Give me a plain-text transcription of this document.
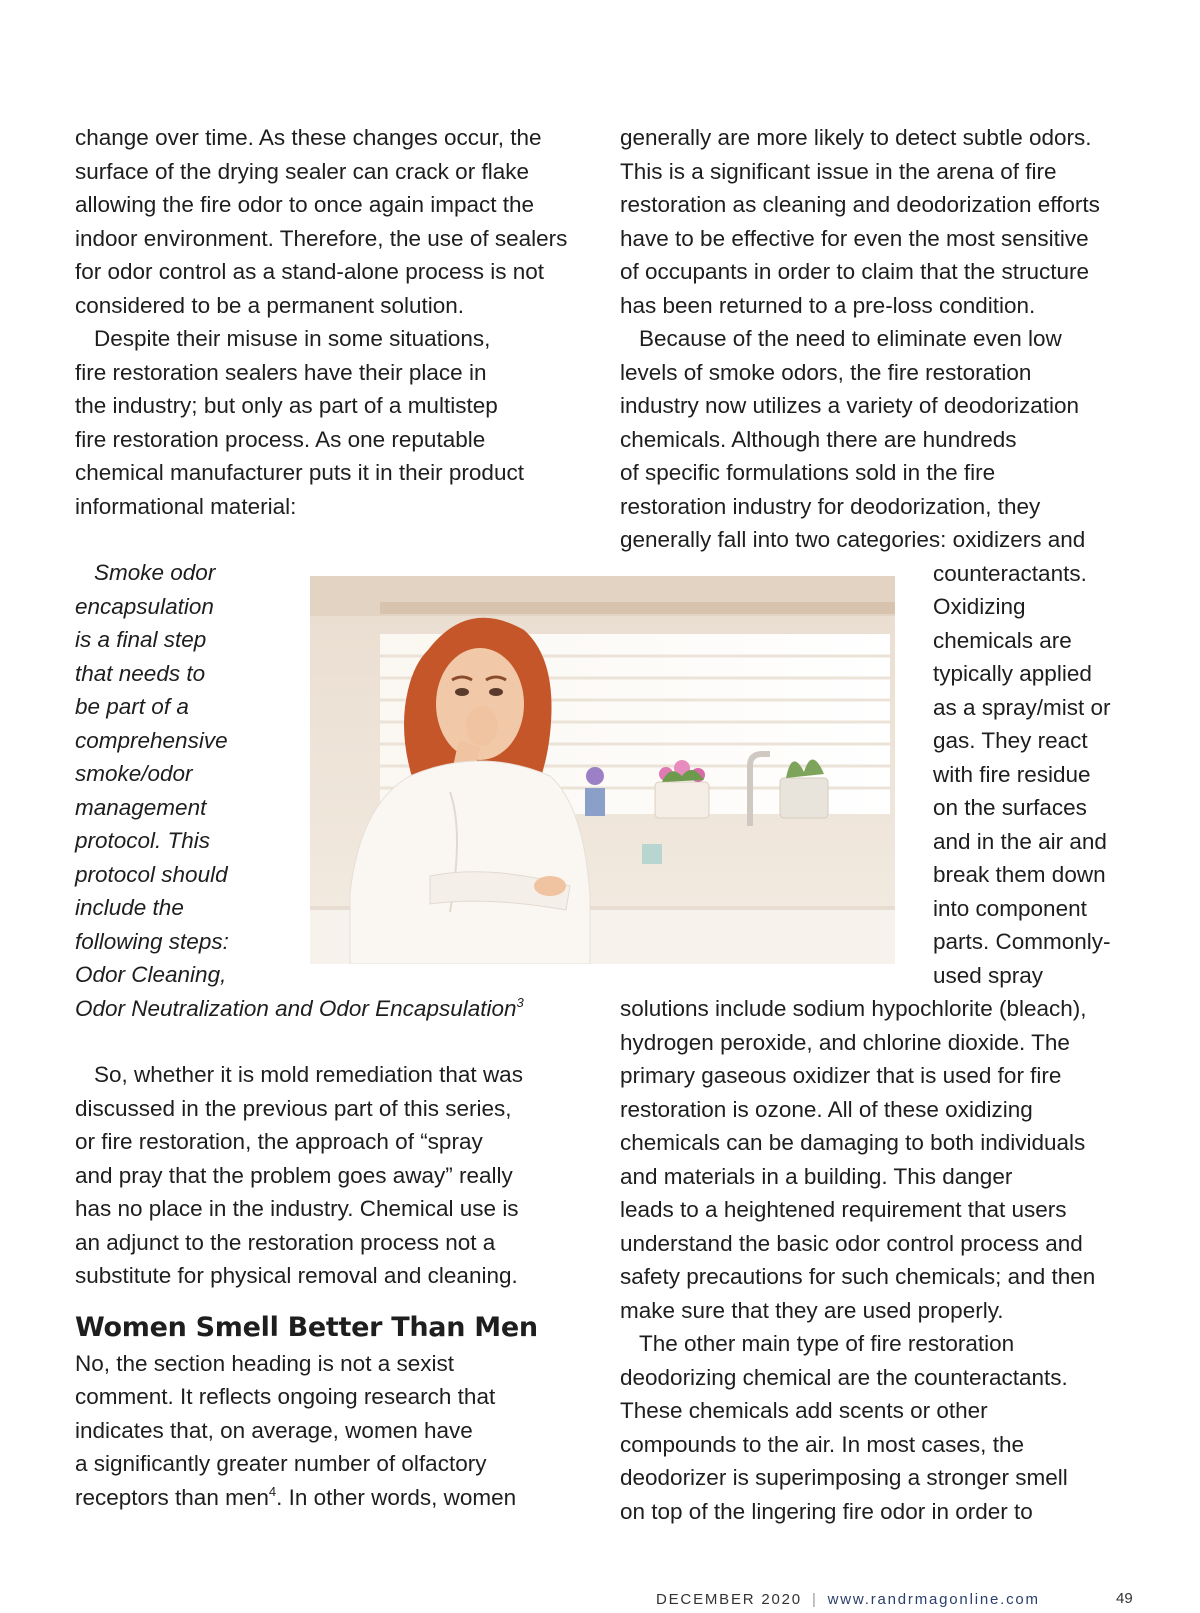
change over time. As these changes occur, the
surface of the drying sealer can crack or flake
allowing the fire odor to once again impact the
indoor environment. Therefore, the use of sealers
for odor control as a stand-alone process is not
considered to be a permanent solution.

Despite their misuse in some situations,
fire restoration sealers have their place in
the industry; but only as part of a multistep
fire restoration process. As one reputable
chemical manufacturer puts it in their product
informational material:

Smoke odor
encapsulation
is a final step
that needs to
be part of a
comprehensive
smoke/odor
management
protocol. This
protocol should
include the
following steps:
Odor Cleaning,
Odor Neutralization and Odor Encapsulation$^3$

So, whether it is mold remediation that was
discussed in the previous part of this series,
or fire restoration, the approach of “spray
and pray that the problem goes away” really
has no place in the industry. Chemical use is
an adjunct to the restoration process not a
substitute for physical removal and cleaning.

Women Smell Better Than Men

No, the section heading is not a sexist
comment. It reflects ongoing research that
indicates that, on average, women have
a significantly greater number of olfactory
receptors than men$^4$. In other words, women

generally are more likely to detect subtle odors.
This is a significant issue in the arena of fire
restoration as cleaning and deodorization efforts
have to be effective for even the most sensitive
of occupants in order to claim that the structure
has been returned to a pre-loss condition.

Because of the need to eliminate even low
levels of smoke odors, the fire restoration
industry now utilizes a variety of deodorization
chemicals. Although there are hundreds
of specific formulations sold in the fire
restoration industry for deodorization, they
generally fall into two categories: oxidizers and
counteractants.
Oxidizing
chemicals are
typically applied
as a spray/mist or
gas. They react
with fire residue
on the surfaces
and in the air and
break them down
into component
parts. Commonly-
used spray
solutions include sodium hypochlorite (bleach),
hydrogen peroxide, and chlorine dioxide. The
primary gaseous oxidizer that is used for fire
restoration is ozone. All of these oxidizing
chemicals can be damaging to both individuals
and materials in a building. This danger
leads to a heightened requirement that users
understand the basic odor control process and
safety precautions for such chemicals; and then
make sure that they are used properly.

The other main type of fire restoration
deodorizing chemical are the counteractants.
These chemicals add scents or other
compounds to the air. In most cases, the
deodorizer is superimposing a stronger smell
on top of the lingering fire odor in order to

DECEMBER 2020 | www.randrmagonline.com	49
